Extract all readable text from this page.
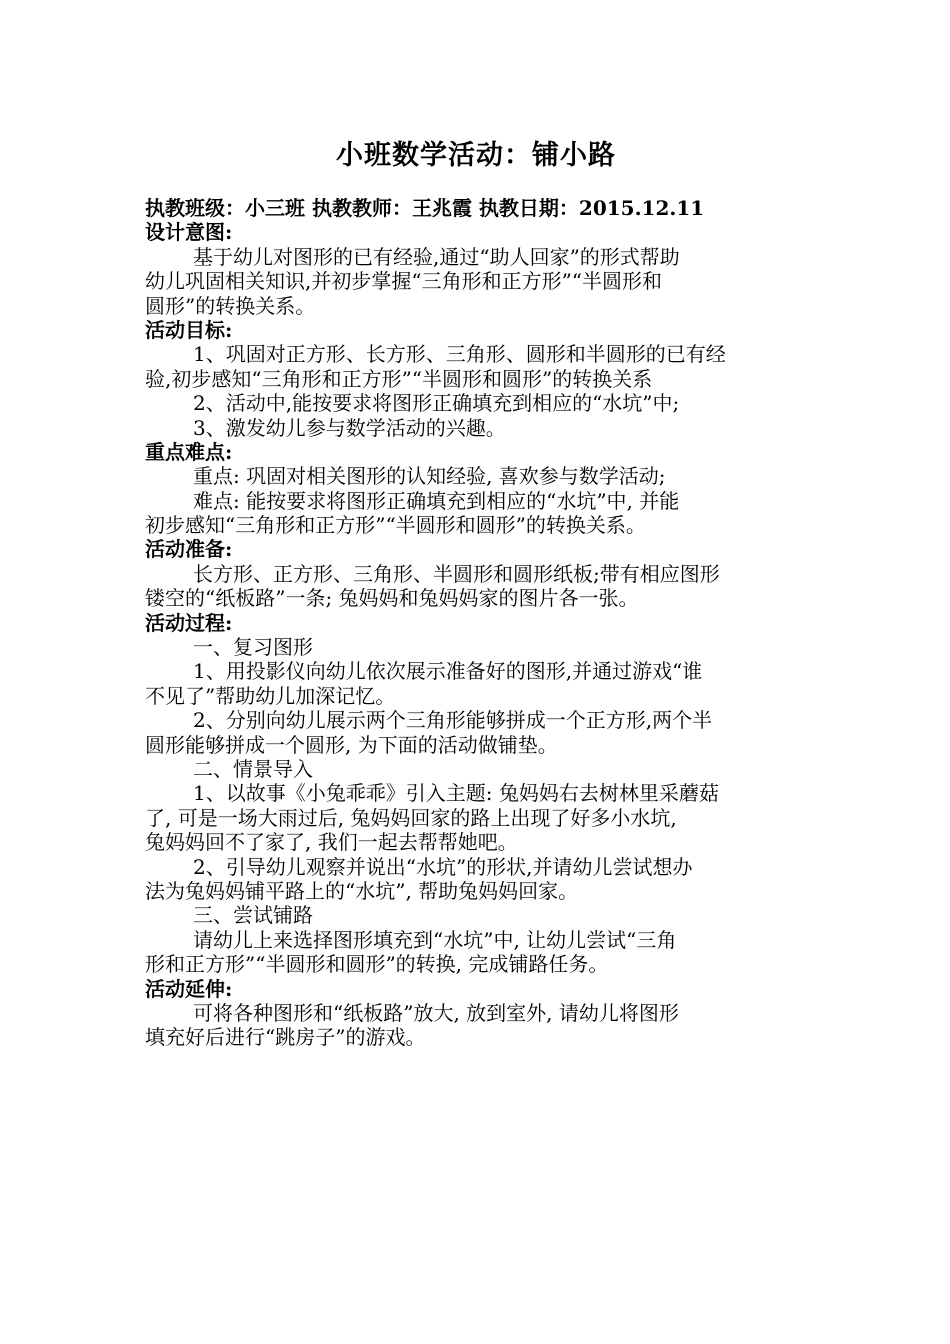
小班数学活动：铺小路
执教班级：小三班 执教教师：王兆霞 执教日期：2015.12.11
设计意图:
基于幼儿对图形的已有经验,通过“助人回家”的形式帮助
幼儿巩固相关知识,并初步掌握“三角形和正方形”“半圆形和
圆形”的转换关系。
活动目标:
1、巩固对正方形、长方形、三角形、圆形和半圆形的已有经
验,初步感知“三角形和正方形”“半圆形和圆形”的转换关系
2、活动中,能按要求将图形正确填充到相应的“水坑”中;
3、激发幼儿参与数学活动的兴趣。
重点难点:
重点: 巩固对相关图形的认知经验, 喜欢参与数学活动;
难点: 能按要求将图形正确填充到相应的“水坑”中, 并能
初步感知“三角形和正方形”“半圆形和圆形”的转换关系。
活动准备:
长方形、正方形、三角形、半圆形和圆形纸板;带有相应图形
镂空的“纸板路”一条; 兔妈妈和兔妈妈家的图片各一张。
活动过程:
一、复习图形
1、用投影仪向幼儿依次展示准备好的图形,并通过游戏“谁
不见了”帮助幼儿加深记忆。
2、分别向幼儿展示两个三角形能够拼成一个正方形,两个半
圆形能够拼成一个圆形, 为下面的活动做铺垫。
二、情景导入
1、以故事《小兔乖乖》引入主题: 兔妈妈右去树林里采蘑菇
了, 可是一场大雨过后, 兔妈妈回家的路上出现了好多小水坑,
兔妈妈回不了家了, 我们一起去帮帮她吧。
2、引导幼儿观察并说出“水坑”的形状,并请幼儿尝试想办
法为兔妈妈铺平路上的“水坑”, 帮助兔妈妈回家。
三、尝试铺路
请幼儿上来选择图形填充到“水坑”中, 让幼儿尝试“三角
形和正方形”“半圆形和圆形”的转换, 完成铺路任务。
活动延伸:
可将各种图形和“纸板路”放大, 放到室外, 请幼儿将图形
填充好后进行“跳房子”的游戏。
